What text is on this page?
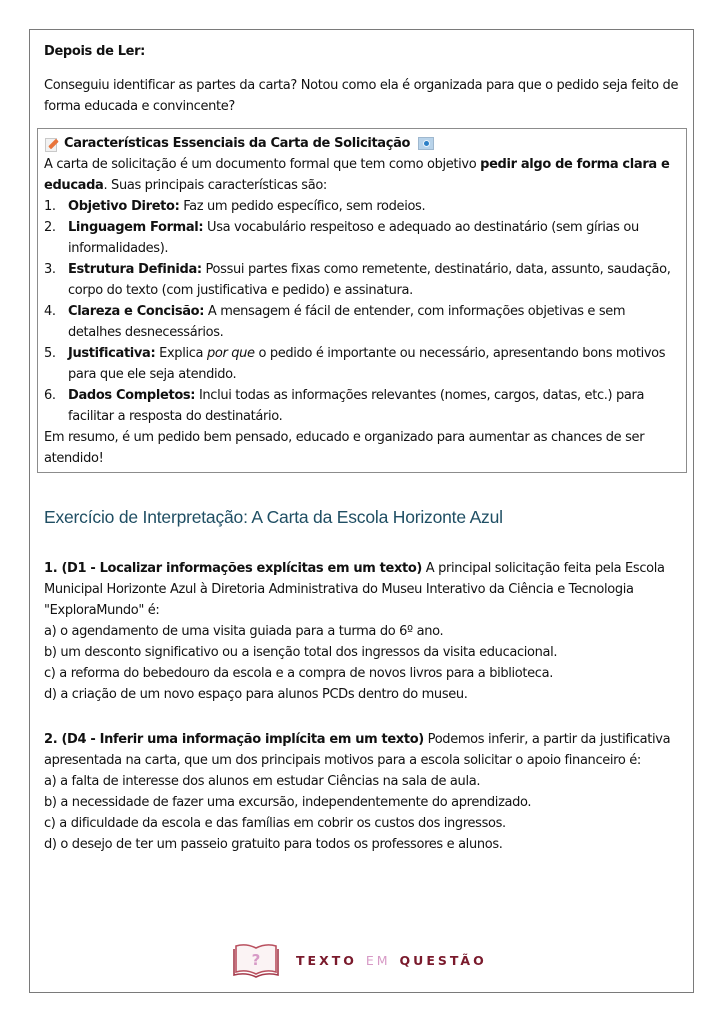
Depois de Ler:
Conseguiu identificar as partes da carta? Notou como ela é organizada para que o pedido seja feito de forma educada e convincente?
Características Essenciais da Carta de Solicitação
A carta de solicitação é um documento formal que tem como objetivo pedir algo de forma clara e educada. Suas principais características são:
1. Objetivo Direto: Faz um pedido específico, sem rodeios.
2. Linguagem Formal: Usa vocabulário respeitoso e adequado ao destinatário (sem gírias ou informalidades).
3. Estrutura Definida: Possui partes fixas como remetente, destinatário, data, assunto, saudação, corpo do texto (com justificativa e pedido) e assinatura.
4. Clareza e Concisão: A mensagem é fácil de entender, com informações objetivas e sem detalhes desnecessários.
5. Justificativa: Explica por que o pedido é importante ou necessário, apresentando bons motivos para que ele seja atendido.
6. Dados Completos: Inclui todas as informações relevantes (nomes, cargos, datas, etc.) para facilitar a resposta do destinatário.
Em resumo, é um pedido bem pensado, educado e organizado para aumentar as chances de ser atendido!
Exercício de Interpretação: A Carta da Escola Horizonte Azul
1. (D1 - Localizar informações explícitas em um texto) A principal solicitação feita pela Escola Municipal Horizonte Azul à Diretoria Administrativa do Museu Interativo da Ciência e Tecnologia "ExploraMundo" é:
a) o agendamento de uma visita guiada para a turma do 6º ano.
b) um desconto significativo ou a isenção total dos ingressos da visita educacional.
c) a reforma do bebedouro da escola e a compra de novos livros para a biblioteca.
d) a criação de um novo espaço para alunos PCDs dentro do museu.
2. (D4 - Inferir uma informação implícita em um texto) Podemos inferir, a partir da justificativa apresentada na carta, que um dos principais motivos para a escola solicitar o apoio financeiro é:
a) a falta de interesse dos alunos em estudar Ciências na sala de aula.
b) a necessidade de fazer uma excursão, independentemente do aprendizado.
c) a dificuldade da escola e das famílias em cobrir os custos dos ingressos.
d) o desejo de ter um passeio gratuito para todos os professores e alunos.
?	TEXTO EM QUESTÃO
